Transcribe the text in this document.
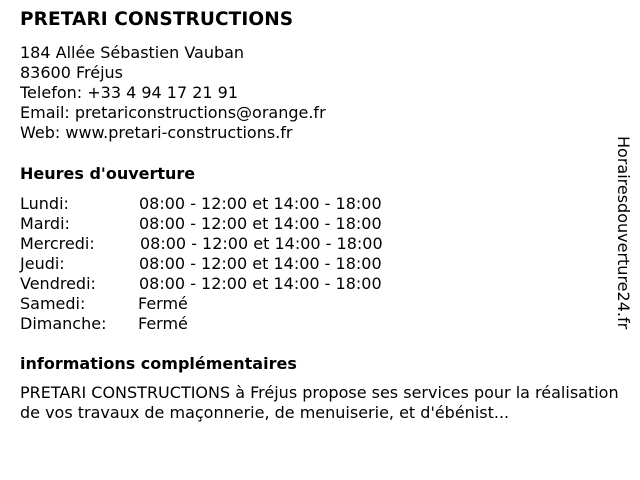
PRETARI CONSTRUCTIONS
184 Allée Sébastien Vauban
83600 Fréjus
Telefon: +33 4 94 17 21 91
Email: pretariconstructions@orange.fr
Web: www.pretari-constructions.fr
Heures d'ouverture
Lundi:	08:00 - 12:00 et 14:00 - 18:00
Mardi:	08:00 - 12:00 et 14:00 - 18:00
Mercredi:	08:00 - 12:00 et 14:00 - 18:00
Jeudi:	08:00 - 12:00 et 14:00 - 18:00
Vendredi:	08:00 - 12:00 et 14:00 - 18:00
Samedi:	Fermé
Dimanche: Fermé
informations complémentaires
PRETARI CONSTRUCTIONS à Fréjus propose ses services pour la réalisation de vos travaux de maçonnerie, de menuiserie, et d'ébénist...
Horairesdouverture24.fr
